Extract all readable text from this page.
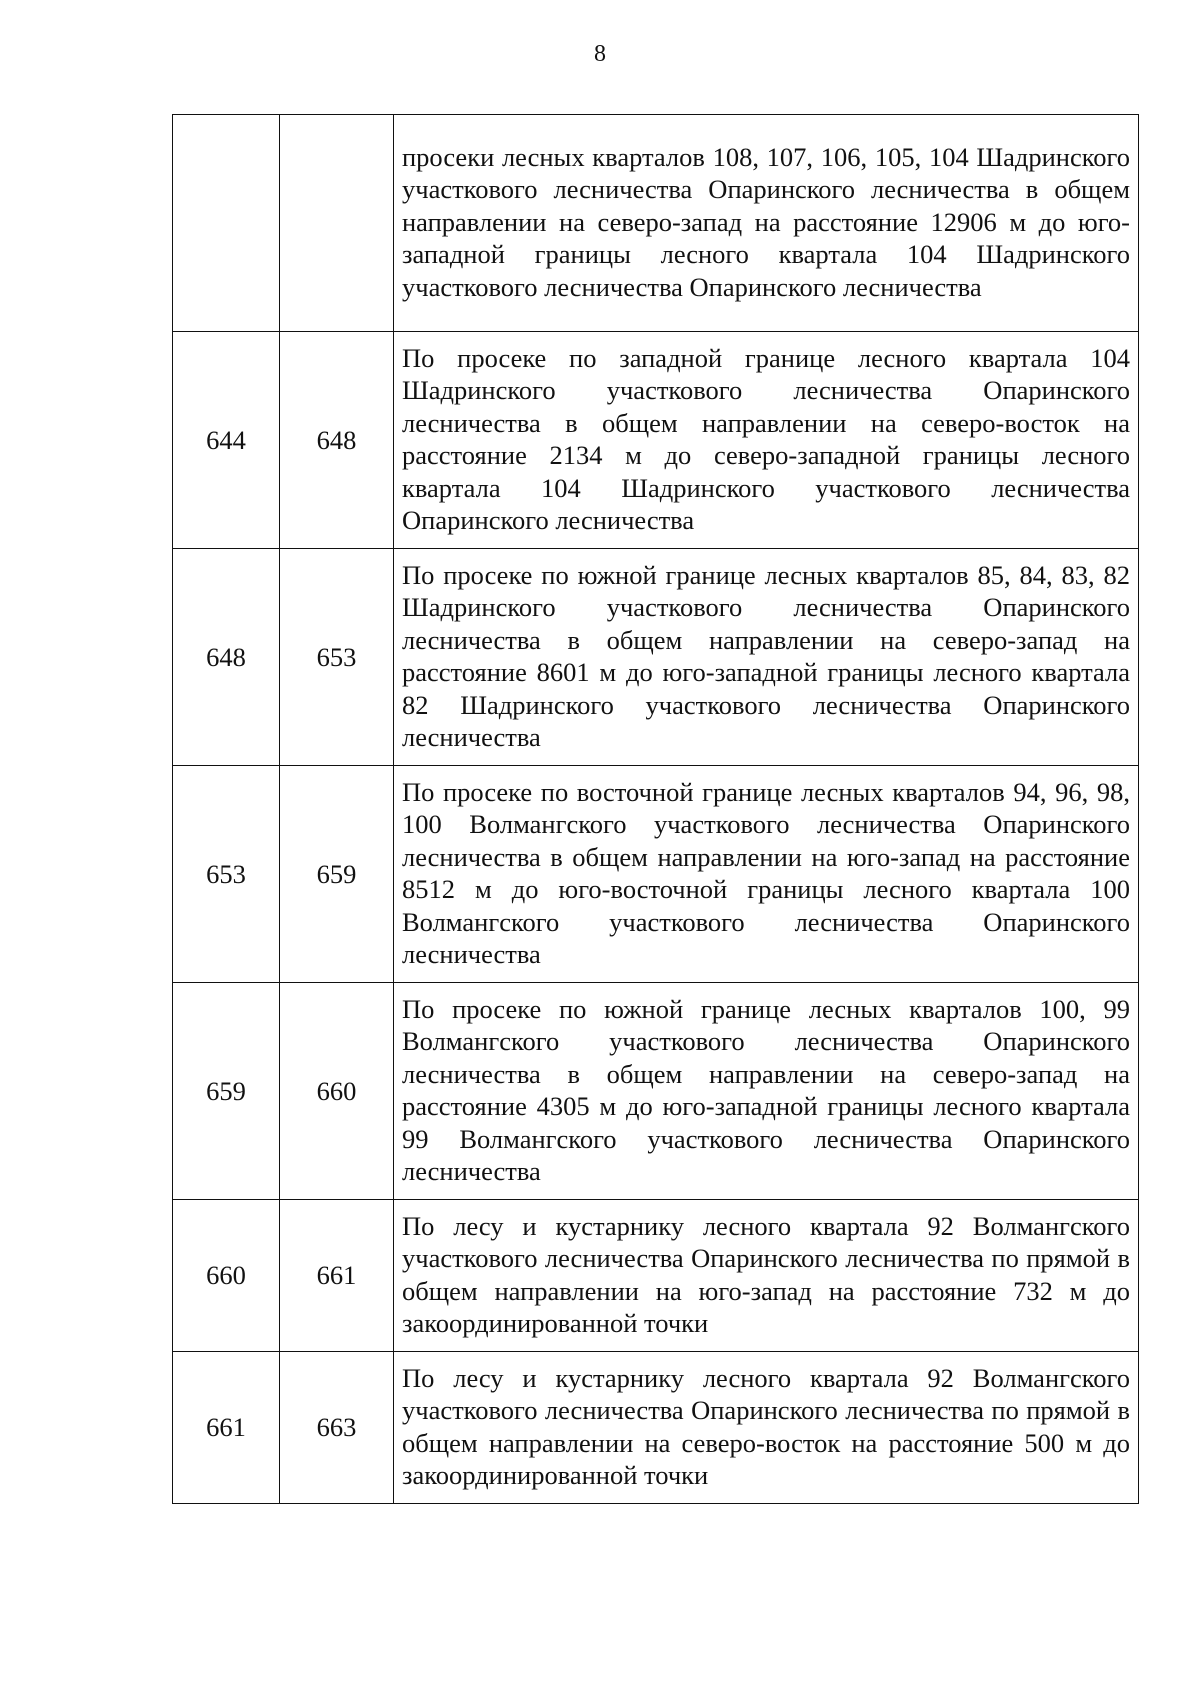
8
		просеки лесных кварталов 108, 107, 106, 105, 104 Шадринского участкового лесничества Опаринского лесничества в общем направлении на северо-запад на расстояние 12906 м до юго-западной границы лесного квартала 104 Шадринского участкового лесничества Опаринского лесничества
644	648	По просеке по западной границе лесного квартала 104 Шадринского участкового лесничества Опаринского лесничества в общем направлении на северо-восток на расстояние 2134 м до северо-западной границы лесного квартала 104 Шадринского участкового лесничества Опаринского лесничества
648	653	По просеке по южной границе лесных кварталов 85, 84, 83, 82 Шадринского участкового лесничества Опаринского лесничества в общем направлении на северо-запад на расстояние 8601 м до юго-западной границы лесного квартала 82 Шадринского участкового лесничества Опаринского лесничества
653	659	По просеке по восточной границе лесных кварталов 94, 96, 98, 100 Волмангского участкового лесничества Опаринского лесничества в общем направлении на юго-запад на расстояние 8512 м до юго-восточной границы лесного квартала 100 Волмангского участкового лесничества Опаринского лесничества
659	660	По просеке по южной границе лесных кварталов 100, 99 Волмангского участкового лесничества Опаринского лесничества в общем направлении на северо-запад на расстояние 4305 м до юго-западной границы лесного квартала 99 Волмангского участкового лесничества Опаринского лесничества
660	661	По лесу и кустарнику лесного квартала 92 Волмангского участкового лесничества Опаринского лесничества по прямой в общем направлении на юго-запад на расстояние 732 м до закоординированной точки
661	663	По лесу и кустарнику лесного квартала 92 Волмангского участкового лесничества Опаринского лесничества по прямой в общем направлении на северо-восток на расстояние 500 м до закоординированной точки
